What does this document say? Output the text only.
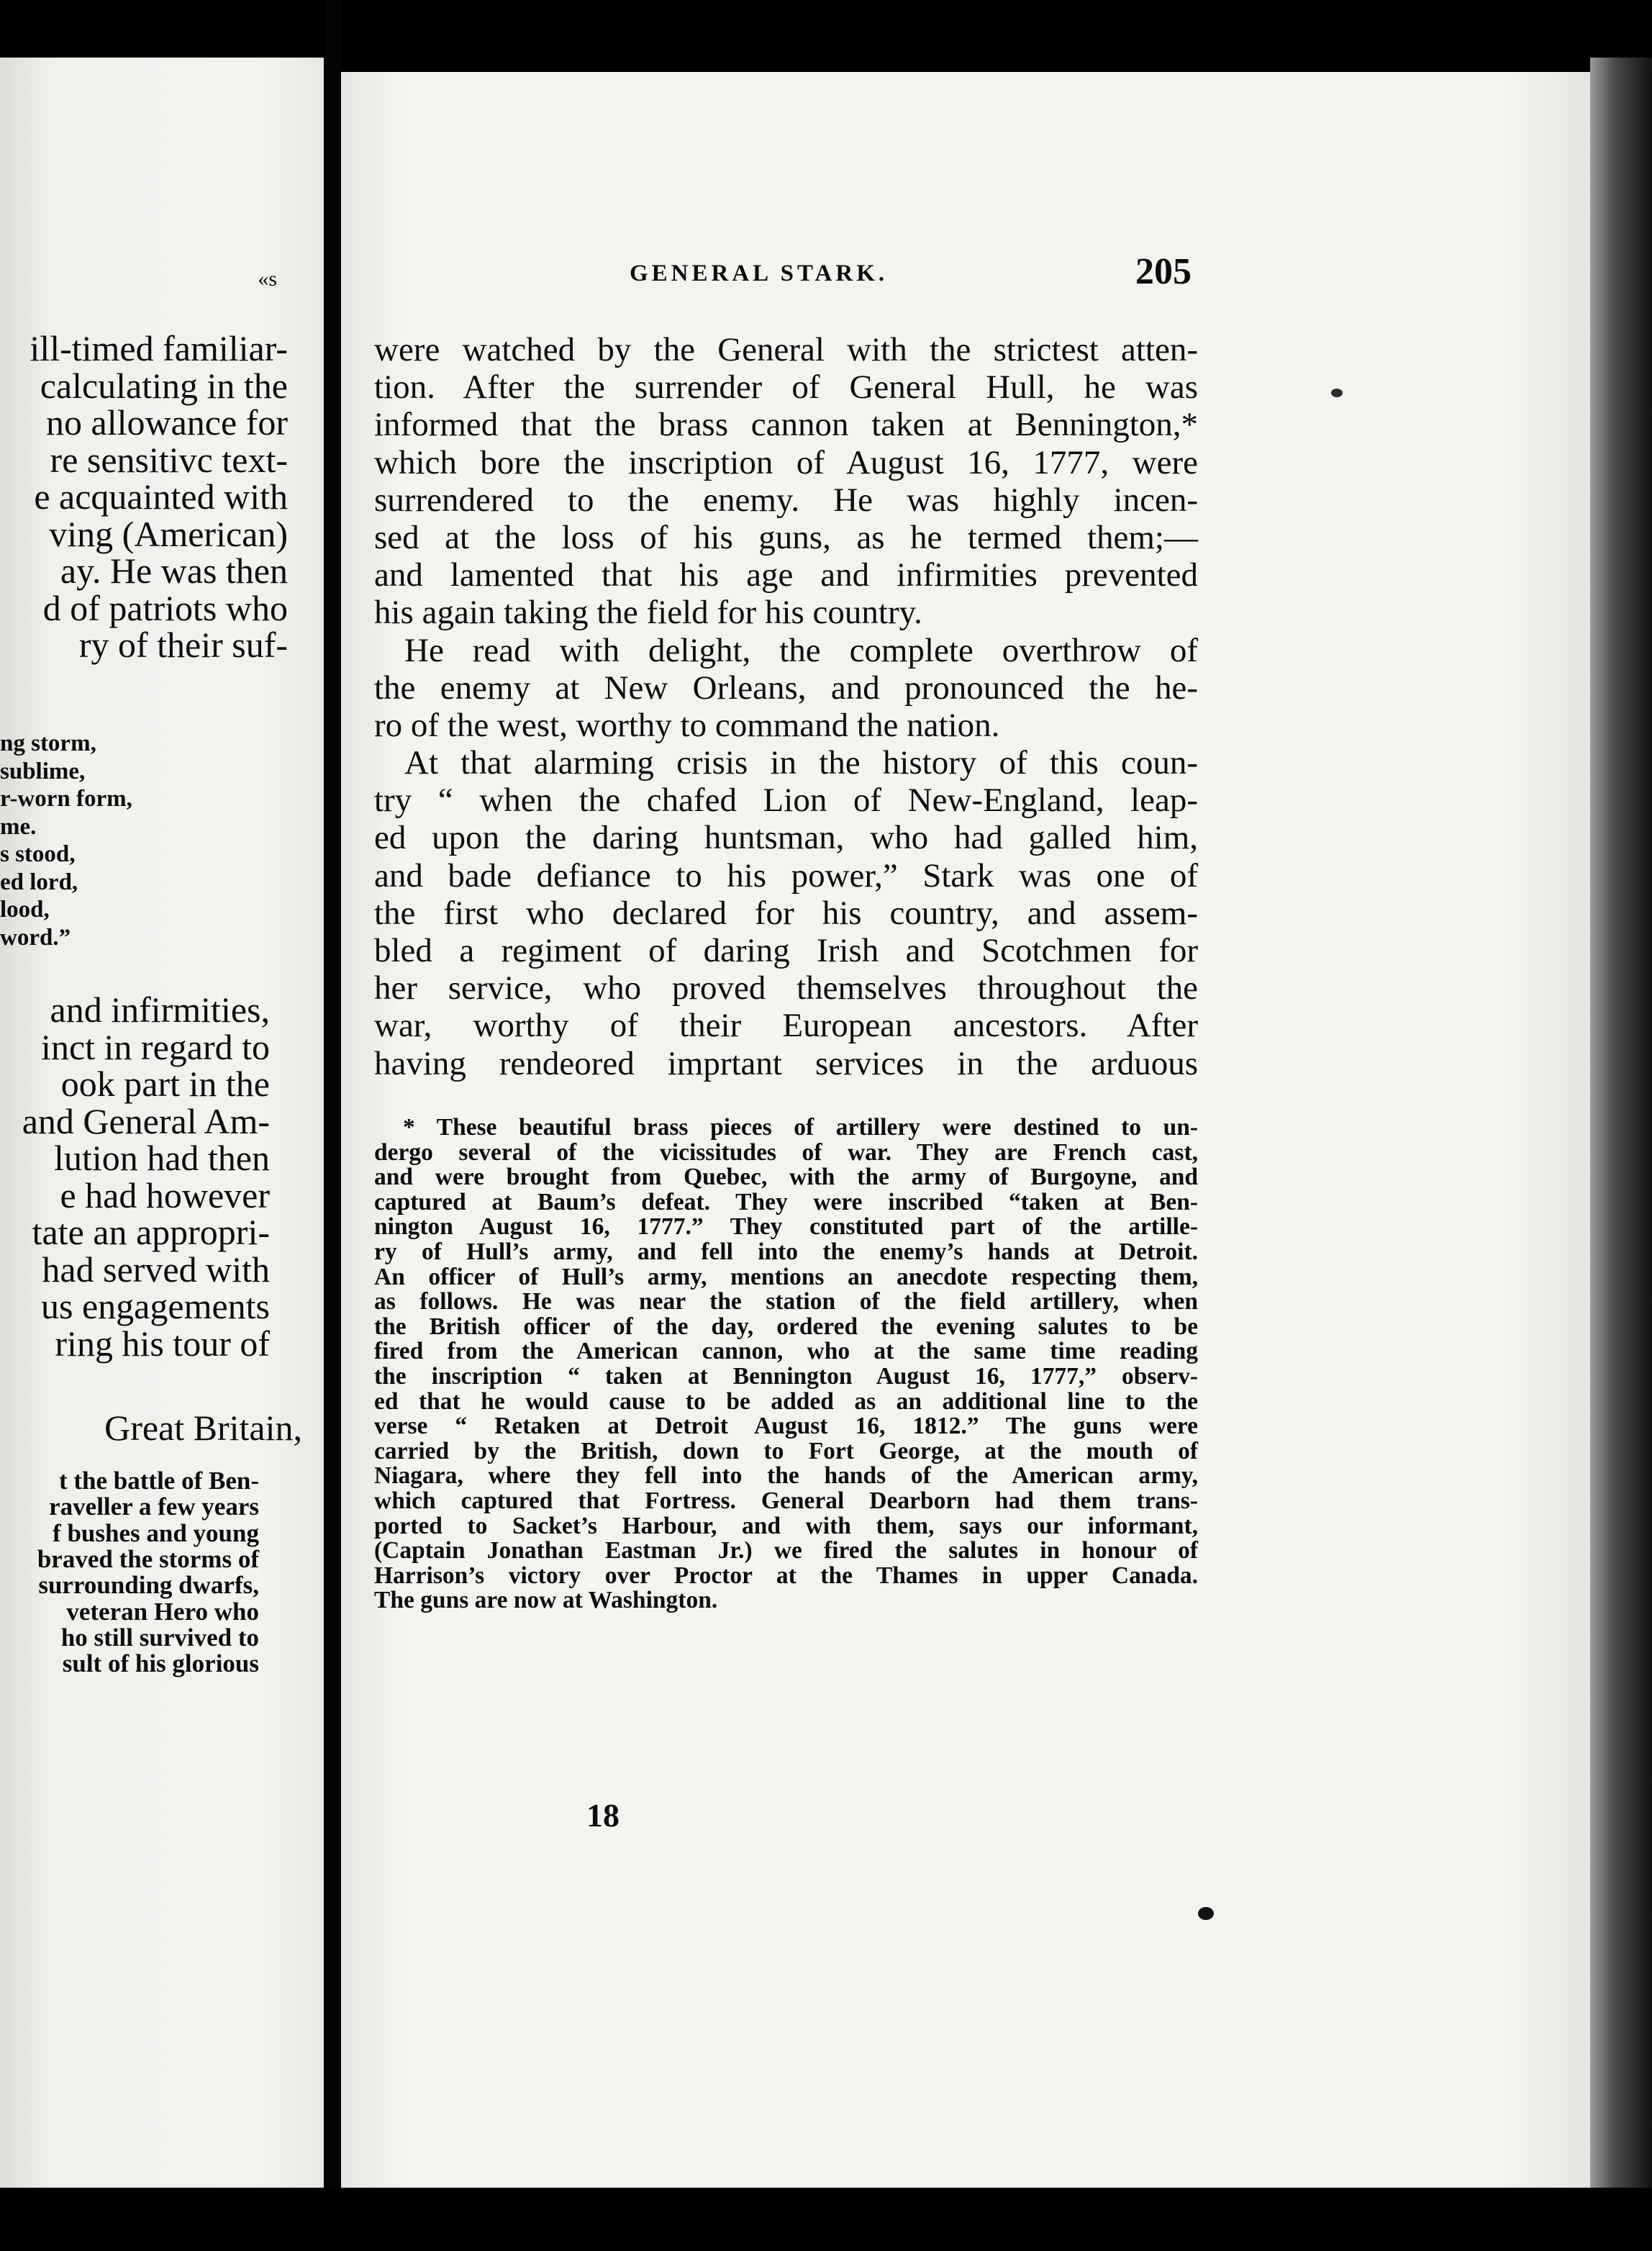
«s
ill-timed familiar-
calculating in the
no allowance for
re sensitivc text-
e acquainted with
ving (American)
ay. He was then
d of patriots who
ry of their suf-
ng storm,
sublime,
r-worn form,
me.
s stood,
ed lord,
lood,
word.”
and infirmities,
inct in regard to
ook part in the
and General Am-
lution had then
e had however
tate an appropri-
had served with
us engagements
ring his tour of
Great Britain,
t the battle of Ben-
raveller a few years
f bushes and young
braved the storms of
surrounding dwarfs,
veteran Hero who
ho still survived to
sult of his glorious
GENERAL STARK.	205
were watched by the General with the strictest atten-
tion. After the surrender of General Hull, he was
informed that the brass cannon taken at Bennington,*
which bore the inscription of August 16, 1777, were
surrendered to the enemy. He was highly incen-
sed at the loss of his guns, as he termed them;—
and lamented that his age and infirmities prevented
his again taking the field for his country.
He read with delight, the complete overthrow of
the enemy at New Orleans, and pronounced the he-
ro of the west, worthy to command the nation.
At that alarming crisis in the history of this coun-
try “ when the chafed Lion of New-England, leap-
ed upon the daring huntsman, who had galled him,
and bade defiance to his power,” Stark was one of
the first who declared for his country, and assem-
bled a regiment of daring Irish and Scotchmen for
her service, who proved themselves throughout the
war, worthy of their European ancestors. After
having rendeored imprtant services in the arduous
* These beautiful brass pieces of artillery were destined to un-
dergo several of the vicissitudes of war. They are French cast,
and were brought from Quebec, with the army of Burgoyne, and
captured at Baum’s defeat. They were inscribed “taken at Ben-
nington August 16, 1777.” They constituted part of the artille-
ry of Hull’s army, and fell into the enemy’s hands at Detroit.
An officer of Hull’s army, mentions an anecdote respecting them,
as follows. He was near the station of the field artillery, when
the British officer of the day, ordered the evening salutes to be
fired from the American cannon, who at the same time reading
the inscription “ taken at Bennington August 16, 1777,” observ-
ed that he would cause to be added as an additional line to the
verse “ Retaken at Detroit August 16, 1812.” The guns were
carried by the British, down to Fort George, at the mouth of
Niagara, where they fell into the hands of the American army,
which captured that Fortress. General Dearborn had them trans-
ported to Sacket’s Harbour, and with them, says our informant,
(Captain Jonathan Eastman Jr.) we fired the salutes in honour of
Harrison’s victory over Proctor at the Thames in upper Canada.
The guns are now at Washington.
18
